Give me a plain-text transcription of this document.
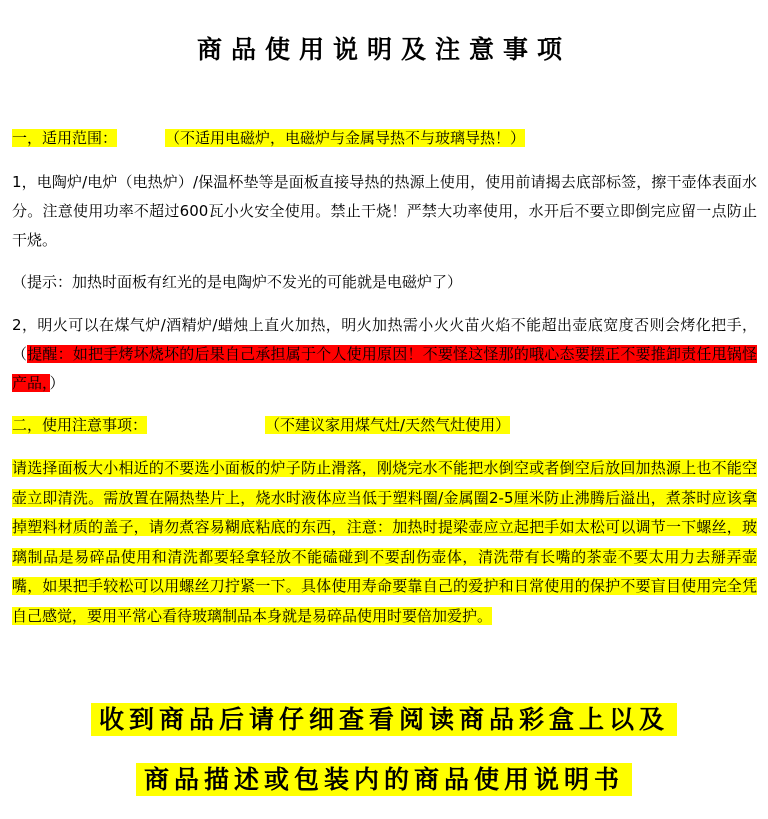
商品使用说明及注意事项
一，适用范围：	（不适用电磁炉，电磁炉与金属导热不与玻璃导热！）
1，电陶炉/电炉（电热炉）/保温杯垫等是面板直接导热的热源上使用，使用前请揭去底部标签，擦干壶体表面水分。注意使用功率不超过600瓦小火安全使用。禁止干烧！严禁大功率使用，水开后不要立即倒完应留一点防止干烧。
（提示：加热时面板有红光的是电陶炉不发光的可能就是电磁炉了）
2，明火可以在煤气炉/酒精炉/蜡烛上直火加热，明火加热需小火火苗火焰不能超出壶底宽度否则会烤化把手，（提醒：如把手烤坏烧坏的后果自己承担属于个人使用原因！不要怪这怪那的哦心态要摆正不要推卸责任甩锅怪产品，）
二，使用注意事项：	（不建议家用煤气灶/天然气灶使用）
请选择面板大小相近的不要选小面板的炉子防止滑落，刚烧完水不能把水倒空或者倒空后放回加热源上也不能空壶立即清洗。需放置在隔热垫片上，烧水时液体应当低于塑料圈/金属圈2-5厘米防止沸腾后溢出，煮茶时应该拿掉塑料材质的盖子，请勿煮容易糊底粘底的东西，注意：加热时提梁壶应立起把手如太松可以调节一下螺丝，玻璃制品是易碎品使用和清洗都要轻拿轻放不能磕碰到不要刮伤壶体，清洗带有长嘴的茶壶不要太用力去掰弄壶嘴，如果把手较松可以用螺丝刀拧紧一下。具体使用寿命要靠自己的爱护和日常使用的保护不要盲目使用完全凭自己感觉，要用平常心看待玻璃制品本身就是易碎品使用时要倍加爱护。
收到商品后请仔细查看阅读商品彩盒上以及
商品描述或包装内的商品使用说明书
